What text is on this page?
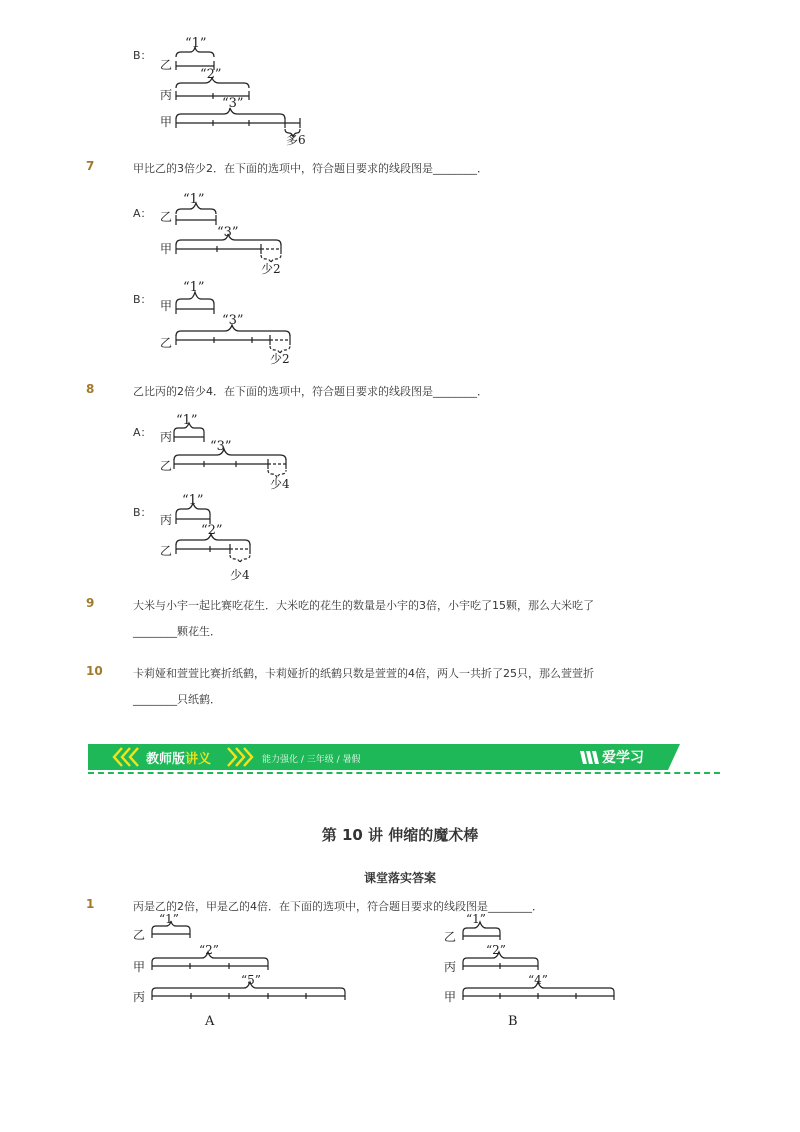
B：
“1”
乙
“2”
丙
“3”
甲
多6
7	甲比乙的3倍少2．在下面的选项中，符合题目要求的线段图是________．
A：
“1”
乙
“3”
甲
少2
B：
“1”
甲
“3”
乙
少2
8	乙比丙的2倍少4．在下面的选项中，符合题目要求的线段图是________．
A：
“1”
丙
“3”
乙
少4
B：
“1”
丙
“2”
乙
少4
9	大米与小宇一起比赛吃花生．大米吃的花生的数量是小宇的3倍，小宇吃了15颗，那么大米吃了
________颗花生．
10	卡莉娅和萱萱比赛折纸鹤，卡莉娅折的纸鹤只数是萱萱的4倍，两人一共折了25只，那么萱萱折
________只纸鹤．
教师版讲义	能力强化 / 三年级 / 暑假	爱学习
第 10 讲 伸缩的魔术棒
课堂落实答案
1	丙是乙的2倍，甲是乙的4倍．在下面的选项中，符合题目要求的线段图是________．
“1”
乙
“2”
甲
“5”
丙
A
“1”
乙
“2”
丙
“4”
甲
B
